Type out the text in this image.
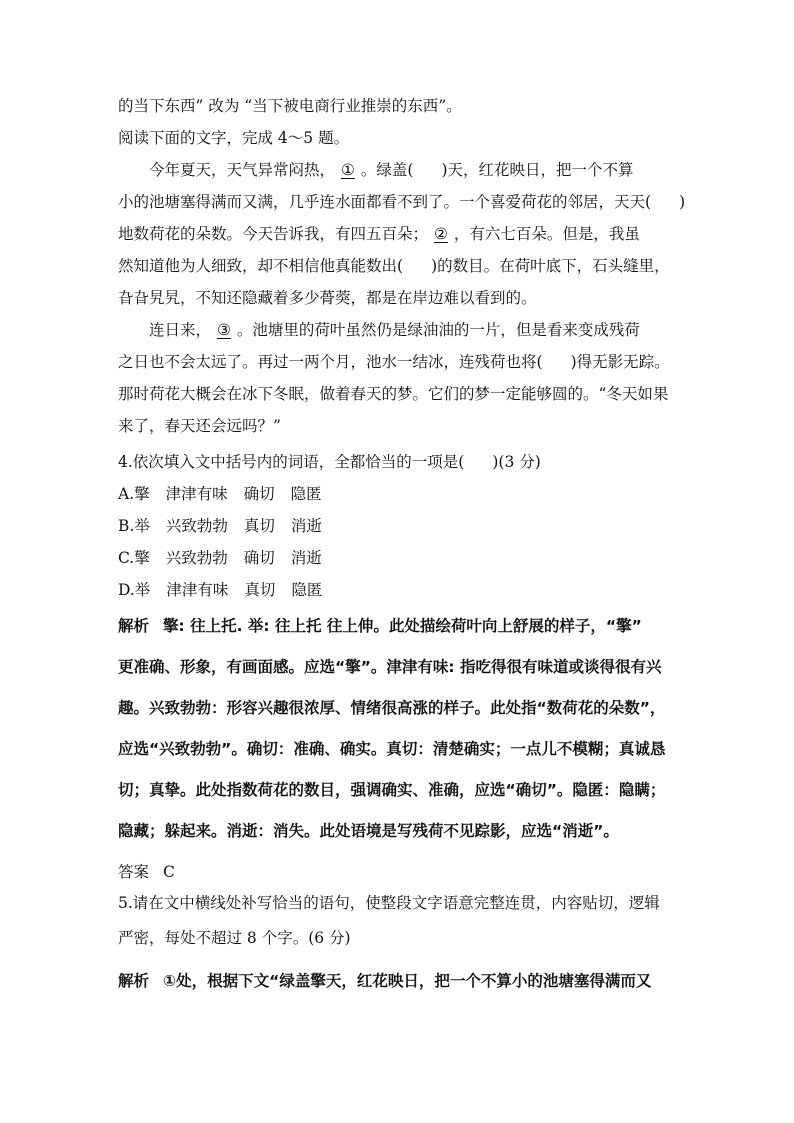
的当下东西” 改为 “当下被电商行业推崇的东西”。
阅读下面的文字，完成 4～5 题。
今年夏天，天气异常闷热， ① 。绿盖( )天，红花映日，把一个不算
小的池塘塞得满而又满，几乎连水面都看不到了。一个喜爱荷花的邻居，天天( )
地数荷花的朵数。今天告诉我，有四五百朵； ② ，有六七百朵。但是，我虽
然知道他为人细致，却不相信他真能数出( )的数目。在荷叶底下，石头缝里，
旮旮旯旯，不知还隐藏着多少蓇葖，都是在岸边难以看到的。
连日来， ③ 。池塘里的荷叶虽然仍是绿油油的一片，但是看来变成残荷
之日也不会太远了。再过一两个月，池水一结冰，连残荷也将( )得无影无踪。
那时荷花大概会在冰下冬眠，做着春天的梦。它们的梦一定能够圆的。“冬天如果
来了，春天还会远吗？”
4.依次填入文中括号内的词语，全都恰当的一项是( )(3 分)
A.擎 津津有味 确切 隐匿
B.举 兴致勃勃 真切 消逝
C.擎 兴致勃勃 确切 消逝
D.举 津津有味 真切 隐匿
解析 擎: 往上托. 举: 往上托 往上伸。此处描绘荷叶向上舒展的样子，“擎”
更准确、形象，有画面感。应选“擎”。津津有味: 指吃得很有味道或谈得很有兴
趣。兴致勃勃：形容兴趣很浓厚、情绪很高涨的样子。此处指“数荷花的朵数”，
应选“兴致勃勃”。确切：准确、确实。真切：清楚确实；一点儿不模糊；真诚恳
切；真挚。此处指数荷花的数目，强调确实、准确，应选“确切”。隐匿：隐瞒；
隐藏；躲起来。消逝：消失。此处语境是写残荷不见踪影，应选“消逝”。
答案 C
5.请在文中横线处补写恰当的语句，使整段文字语意完整连贯，内容贴切，逻辑
严密，每处不超过 8 个字。(6 分)
解析 ①处，根据下文“绿盖擎天，红花映日，把一个不算小的池塘塞得满而又
